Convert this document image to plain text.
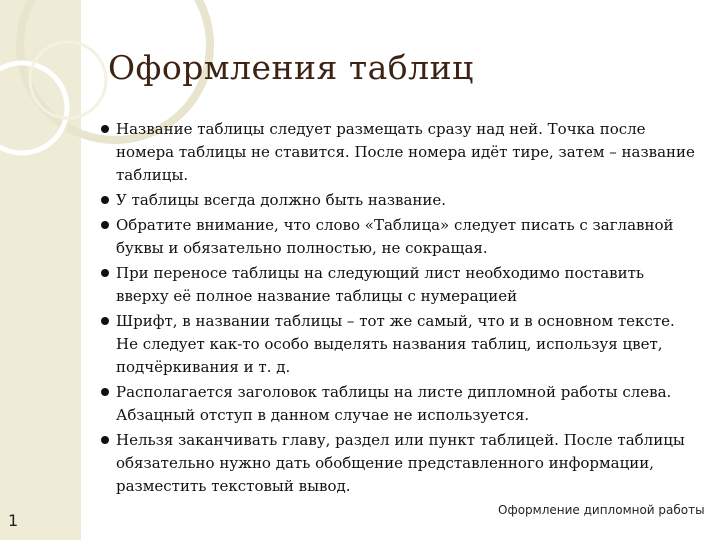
Оформления таблиц
Название таблицы следует размещать сразу над ней. Точка после номера таблицы не ставится. После номера идёт тире, затем – название таблицы.
У таблицы всегда должно быть название.
Обратите внимание, что слово «Таблица» следует писать с заглавной буквы и обязательно полностью, не сокращая.
При переносе таблицы на следующий лист необходимо поставить вверху её полное название таблицы с нумерацией
Шрифт, в названии таблицы – тот же самый, что и в основном тексте. Не следует как-то особо выделять названия таблиц, используя цвет, подчёркивания и т. д.
Располагается заголовок таблицы на листе дипломной работы слева. Абзацный отступ в данном случае не используется.
Нельзя заканчивать главу, раздел или пункт таблицей. После таблицы обязательно нужно дать обобщение представленного информации, разместить текстовый вывод.
Оформление дипломной работы
1
